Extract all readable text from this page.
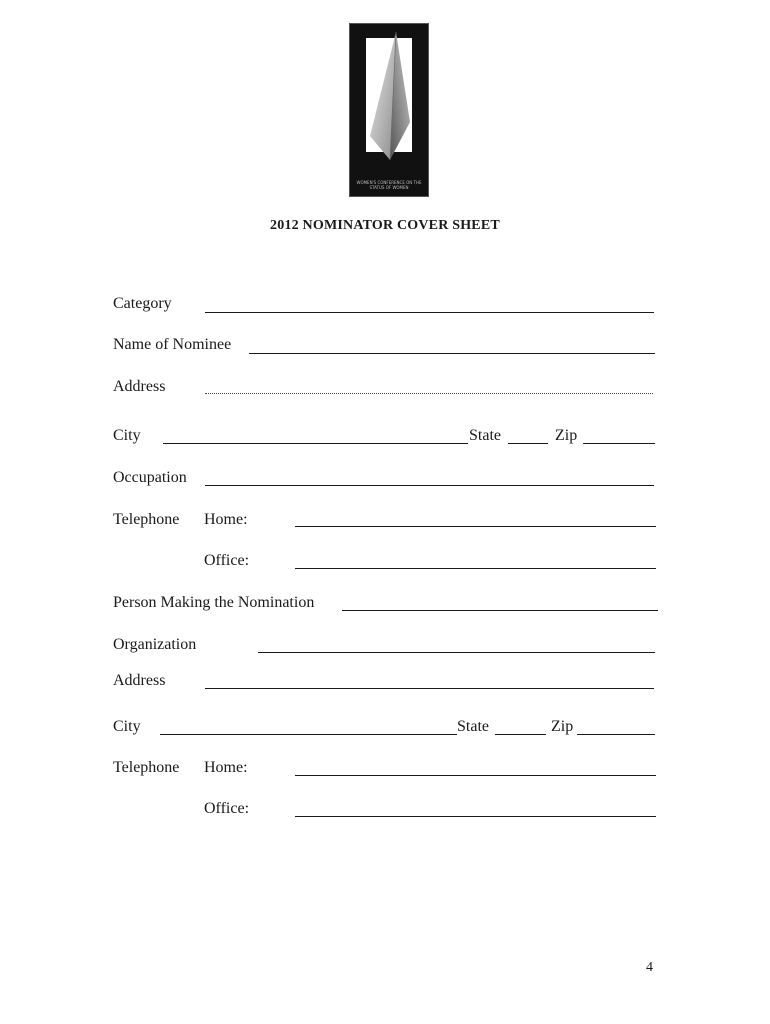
WOMEN'S CONFERENCE ON THE STATUS OF WOMEN
2012 NOMINATOR COVER SHEET
Category
Name of Nominee
Address
City	State	Zip
Occupation
Telephone Home:
Office:
Person Making the Nomination
Organization
Address
City	State	Zip
Telephone Home:
Office:
4
